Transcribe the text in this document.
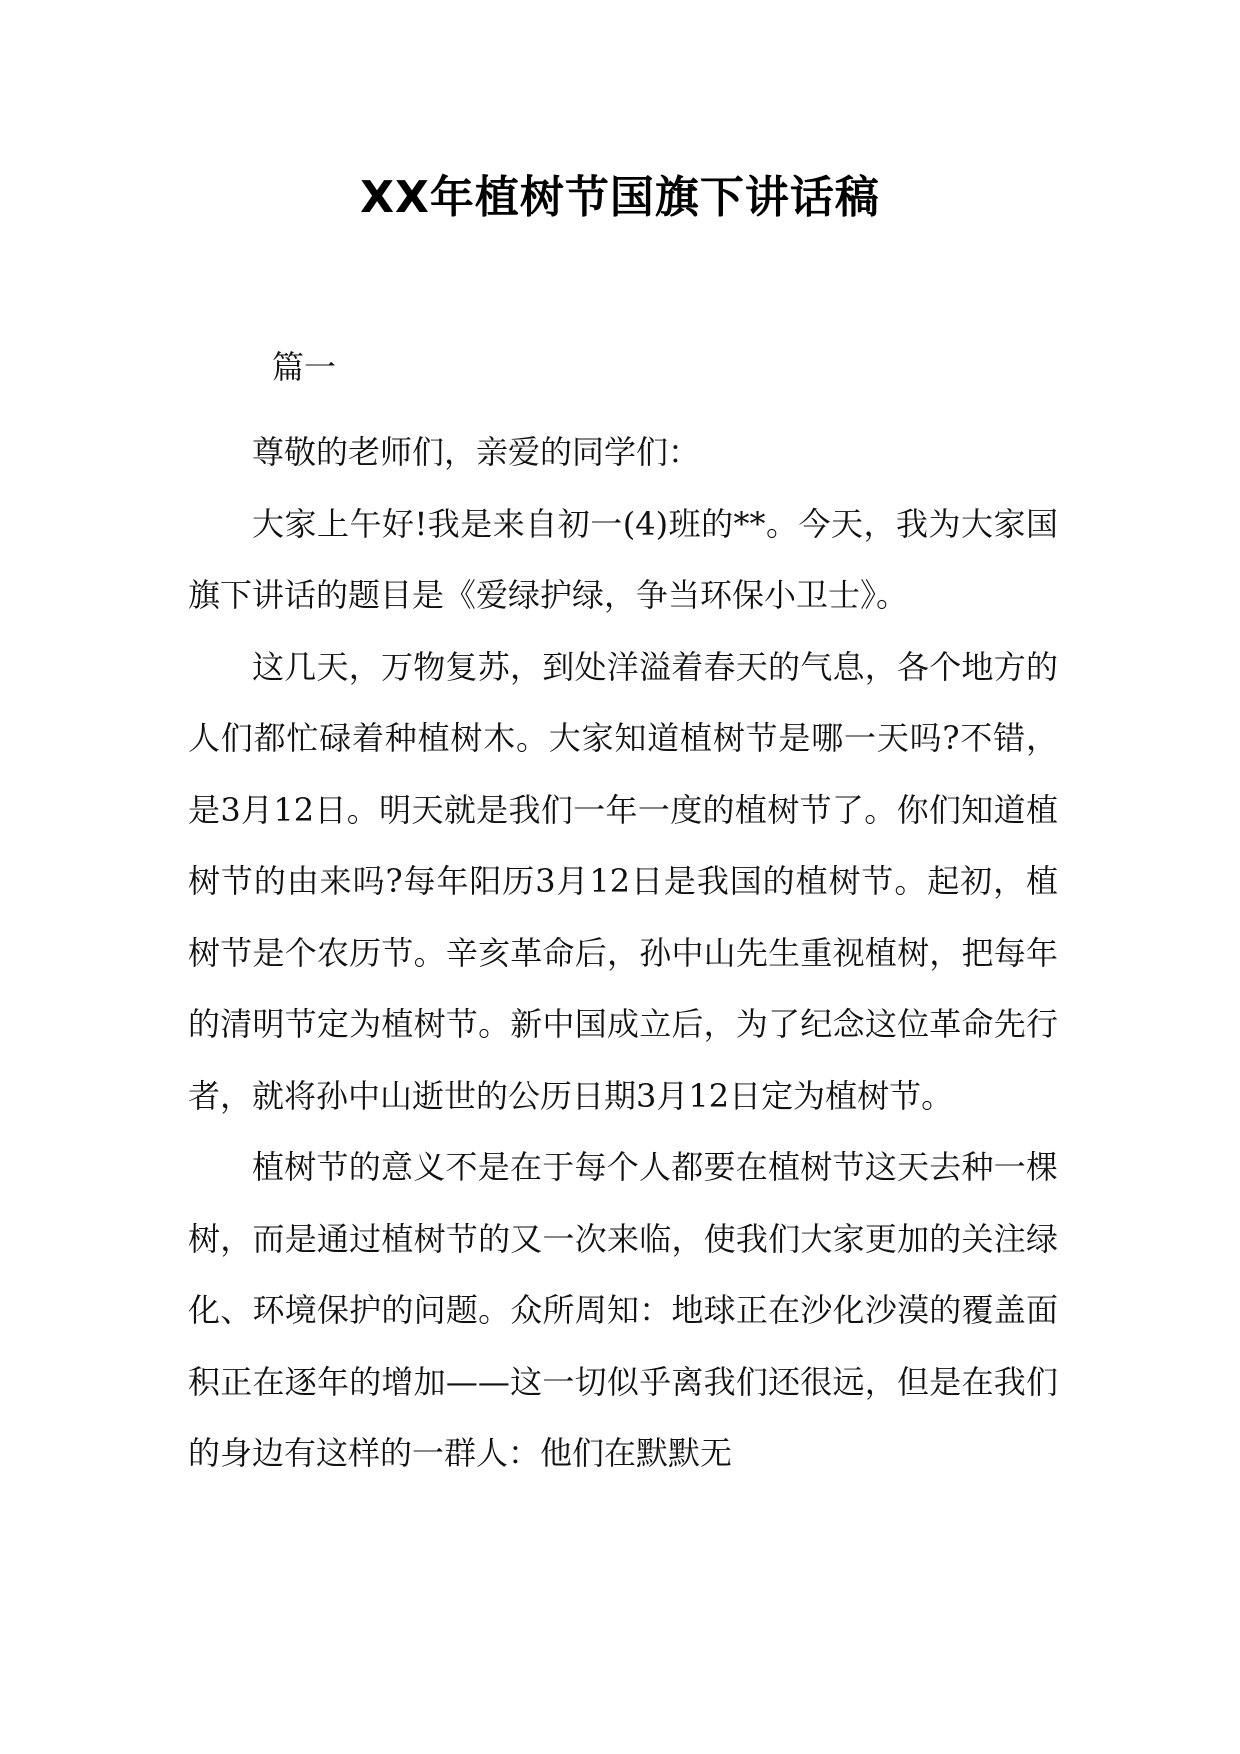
XX年植树节国旗下讲话稿
篇一

尊敬的老师们，亲爱的同学们：

大家上午好!我是来自初一(4)班的**。今天，我为大家国旗下讲话的题目是《爱绿护绿，争当环保小卫士》。

这几天，万物复苏，到处洋溢着春天的气息，各个地方的人们都忙碌着种植树木。大家知道植树节是哪一天吗?不错，是3月12日。明天就是我们一年一度的植树节了。你们知道植树节的由来吗?每年阳历3月12日是我国的植树节。起初，植树节是个农历节。辛亥革命后，孙中山先生重视植树，把每年的清明节定为植树节。新中国成立后，为了纪念这位革命先行者，就将孙中山逝世的公历日期3月12日定为植树节。

植树节的意义不是在于每个人都要在植树节这天去种一棵树，而是通过植树节的又一次来临，使我们大家更加的关注绿化、环境保护的问题。众所周知：地球正在沙化沙漠的覆盖面积正在逐年的增加——这一切似乎离我们还很远，但是在我们的身边有这样的一群人：他们在默默无
